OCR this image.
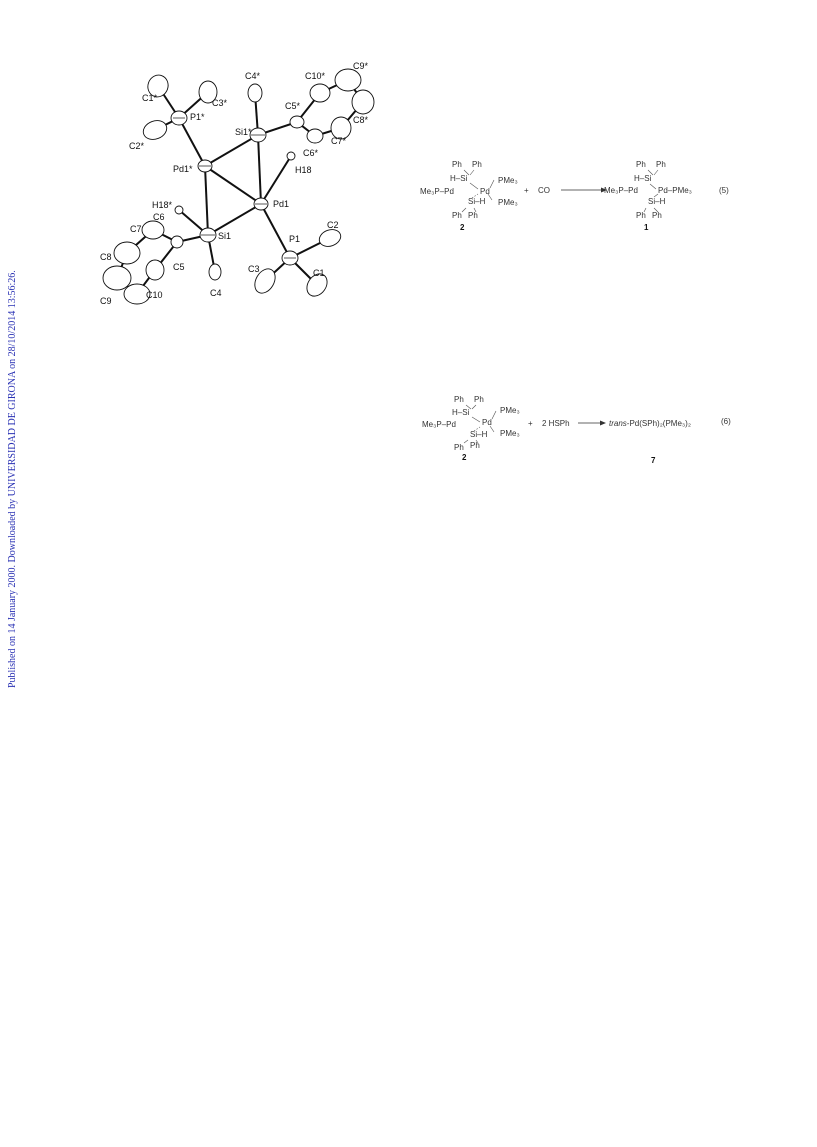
Published on 14 January 2000. Downloaded by UNIVERSIDAD DE GIRONA on 28/10/2014 13:56:26.
C1*	C3*
P1*
C2*
C4*	C10*
C9*
C5*
Si1*
C8*
C7*
C6*
H18
Pd1*
Pd1
H18*
C6
Si1
C7
C5
C8
C10
C9
C4
C2
P1
C3	C1
Ph Ph
H–Si	PMe₃
Me₃P–Pd	Pd
Si–H PMe₃
Ph Ph
2
+ CO
Ph Ph
H–Si
Me₃P–Pd	Pd–PMe₃
Si–H
Ph Ph
1
(5)
Ph Ph
H–Si	PMe₃
Me₃P–Pd	Pd
Si–H PMe₃
Ph Ph
2
+ 2 HSPh	trans-Pd(SPh)₂(PMe₃)₂
7
(6)
